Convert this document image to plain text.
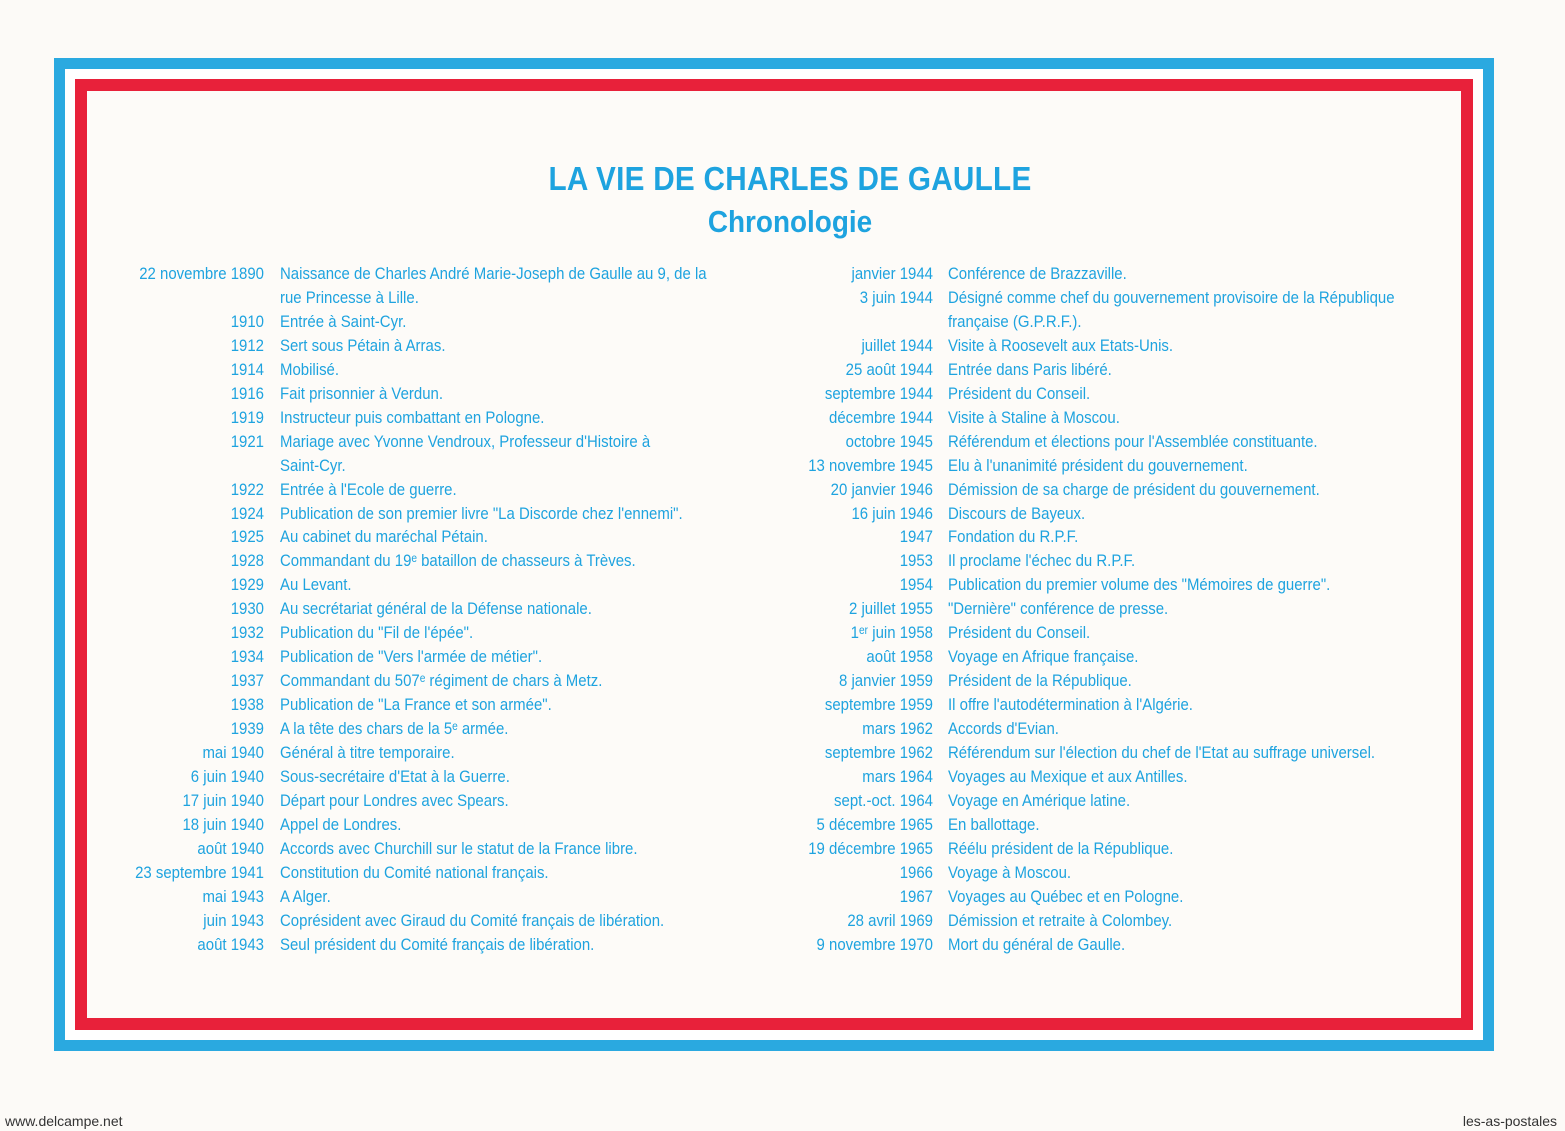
LA VIE DE CHARLES DE GAULLE
Chronologie
22 novembre 1890 Naissance de Charles André Marie-Joseph de Gaulle au 9, de la
rue Princesse à Lille.
1910 Entrée à Saint-Cyr.
1912 Sert sous Pétain à Arras.
1914 Mobilisé.
1916 Fait prisonnier à Verdun.
1919 Instructeur puis combattant en Pologne.
1921 Mariage avec Yvonne Vendroux, Professeur d'Histoire à
Saint-Cyr.
1922 Entrée à l'Ecole de guerre.
1924 Publication de son premier livre "La Discorde chez l'ennemi".
1925 Au cabinet du maréchal Pétain.
1928 Commandant du 19ᵉ bataillon de chasseurs à Trèves.
1929 Au Levant.
1930 Au secrétariat général de la Défense nationale.
1932 Publication du "Fil de l'épée".
1934 Publication de "Vers l'armée de métier".
1937 Commandant du 507ᵉ régiment de chars à Metz.
1938 Publication de "La France et son armée".
1939 A la tête des chars de la 5ᵉ armée.
mai 1940 Général à titre temporaire.
6 juin 1940 Sous-secrétaire d'Etat à la Guerre.
17 juin 1940 Départ pour Londres avec Spears.
18 juin 1940 Appel de Londres.
août 1940 Accords avec Churchill sur le statut de la France libre.
23 septembre 1941 Constitution du Comité national français.
mai 1943 A Alger.
juin 1943 Coprésident avec Giraud du Comité français de libération.
août 1943 Seul président du Comité français de libération.
janvier 1944 Conférence de Brazzaville.
3 juin 1944 Désigné comme chef du gouvernement provisoire de la République
française (G.P.R.F.).
juillet 1944 Visite à Roosevelt aux Etats-Unis.
25 août 1944 Entrée dans Paris libéré.
septembre 1944 Président du Conseil.
décembre 1944 Visite à Staline à Moscou.
octobre 1945 Référendum et élections pour l'Assemblée constituante.
13 novembre 1945 Elu à l'unanimité président du gouvernement.
20 janvier 1946 Démission de sa charge de président du gouvernement.
16 juin 1946 Discours de Bayeux.
1947 Fondation du R.P.F.
1953 Il proclame l'échec du R.P.F.
1954 Publication du premier volume des "Mémoires de guerre".
2 juillet 1955 "Dernière" conférence de presse.
1ᵉʳ juin 1958 Président du Conseil.
août 1958 Voyage en Afrique française.
8 janvier 1959 Président de la République.
septembre 1959 Il offre l'autodétermination à l'Algérie.
mars 1962 Accords d'Evian.
septembre 1962 Référendum sur l'élection du chef de l'Etat au suffrage universel.
mars 1964 Voyages au Mexique et aux Antilles.
sept.-oct. 1964 Voyage en Amérique latine.
5 décembre 1965 En ballottage.
19 décembre 1965 Réélu président de la République.
1966 Voyage à Moscou.
1967 Voyages au Québec et en Pologne.
28 avril 1969 Démission et retraite à Colombey.
9 novembre 1970 Mort du général de Gaulle.
www.delcampe.net	les-as-postales
